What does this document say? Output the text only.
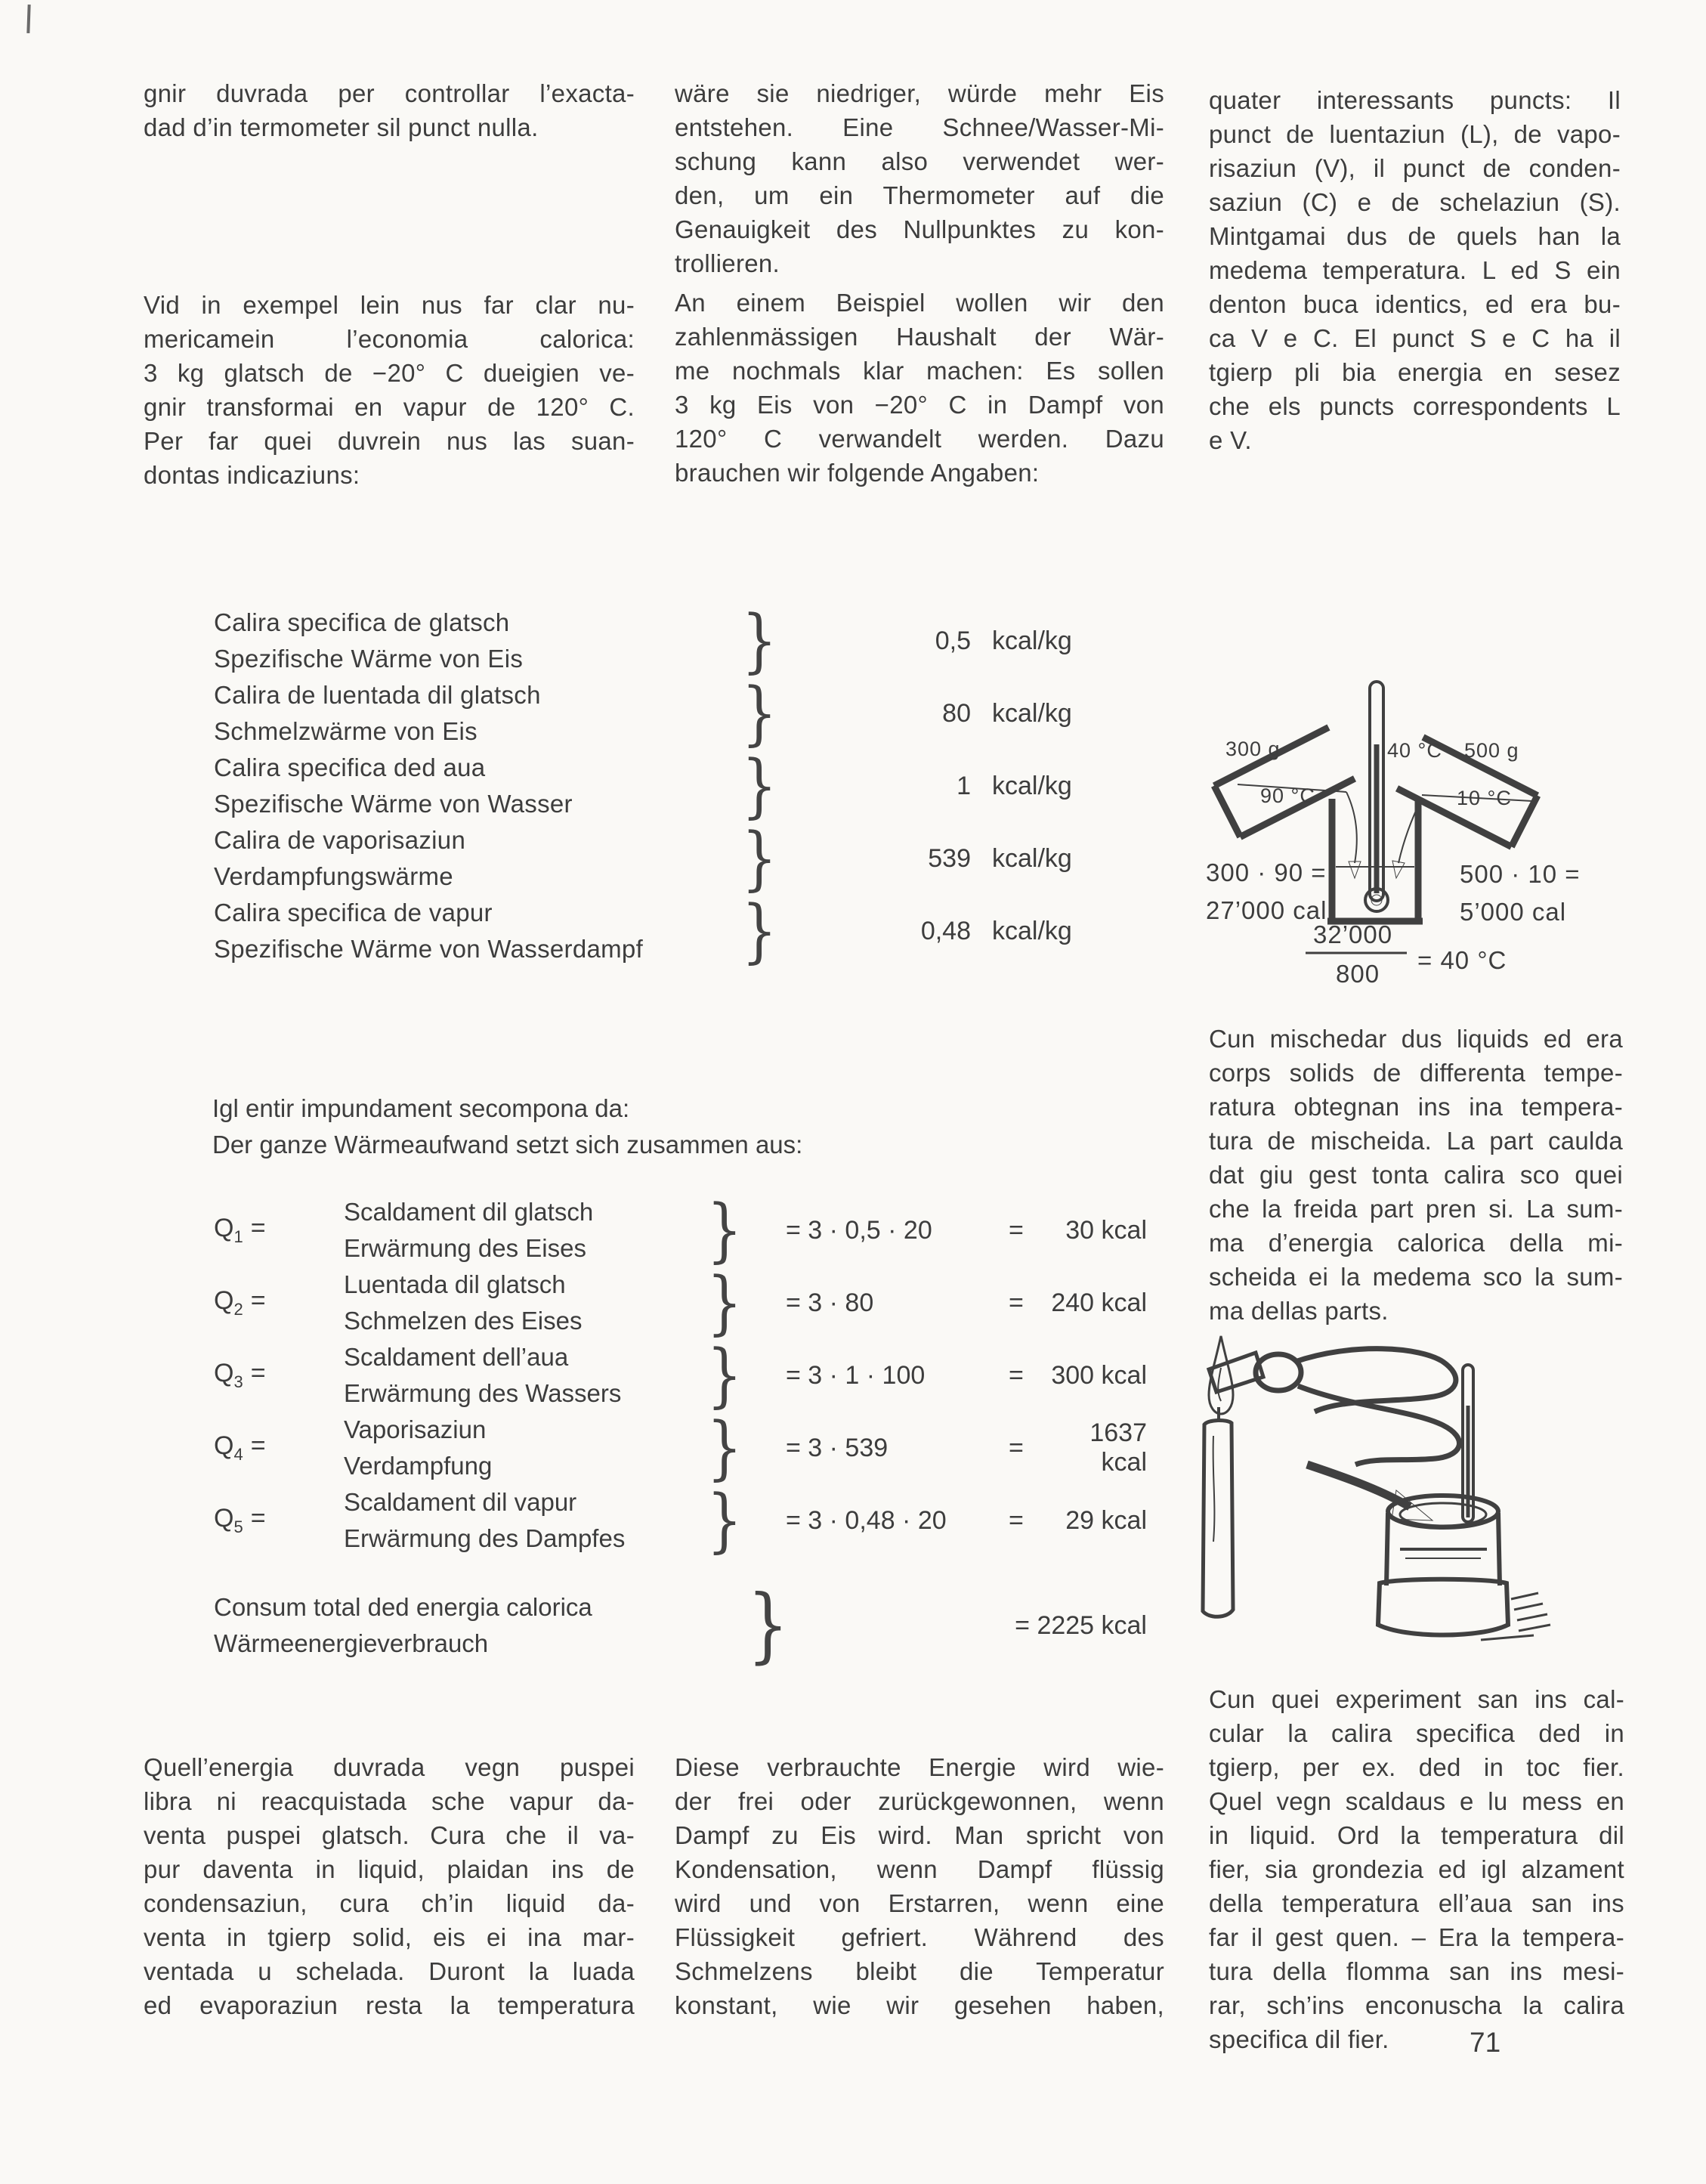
gnir duvrada per controllar l’exacta-
dad d’in termometer sil punct nulla.
Vid in exempel lein nus far clar nu-
mericamein l’economia calorica:
3 kg glatsch de −20° C dueigien ve-
gnir transformai en vapur de 120° C.
Per far quei duvrein nus las suan-
dontas indicaziuns:
wäre sie niedriger, würde mehr Eis
entstehen. Eine Schnee/Wasser-Mi-
schung kann also verwendet wer-
den, um ein Thermometer auf die
Genauigkeit des Nullpunktes zu kon-
trollieren.
An einem Beispiel wollen wir den
zahlenmässigen Haushalt der Wär-
me nochmals klar machen: Es sollen
3 kg Eis von −20° C in Dampf von
120° C verwandelt werden. Dazu
brauchen wir folgende Angaben:
quater interessants puncts: Il
punct de luentaziun (L), de vapo-
risaziun (V), il punct de conden-
saziun (C) e de schelaziun (S).
Mintgamai dus de quels han la
medema temperatura. L ed S ein
denton buca identics, ed era bu-
ca V e C. El punct S e C ha il
tgierp pli bia energia en sesez
che els puncts correspondents L
e V.
Calira specifica de glatsch
Spezifische Wärme von Eis	}	0,5 kcal/kg
Calira de luentada dil glatsch
Schmelzwärme von Eis	}	80 kcal/kg
Calira specifica ded aua
Spezifische Wärme von Wasser	}	1 kcal/kg
Calira de vaporisaziun
Verdampfungswärme	}	539 kcal/kg
Calira specifica de vapur
Spezifische Wärme von Wasserdampf	}	0,48 kcal/kg
300 g
90 °C
40 °C 500 g
10 °C
300 · 90 =
27’000 cal
500 · 10 =
5’000 cal
32’000
800 = 40 °C
Cun mischedar dus liquids ed era
corps solids de differenta tempe-
ratura obtegnan ins ina tempera-
tura de mischeida. La part caulda
dat giu gest tonta calira sco quei
che la freida part pren si. La sum-
ma d’energia calorica della mi-
scheida ei la medema sco la sum-
ma dellas parts.
Igl entir impundament secompona da:
Der ganze Wärmeaufwand setzt sich zusammen aus:
$Q_1$ =
Scaldament dil glatsch
Erwärmung des Eises	}	= 3 · 0,5 · 20	=	30 kcal
$Q_2$ =
Luentada dil glatsch
Schmelzen des Eises	}	= 3 · 80	=	240 kcal
$Q_3$ =
Scaldament dell’aua
Erwärmung des Wassers	}	= 3 · 1 · 100	=	300 kcal
$Q_4$ =
Vaporisaziun
Verdampfung	}	= 3 · 539	=
1637 kcal
$Q_5$ =
Scaldament dil vapur
Erwärmung des Dampfes	}	= 3 · 0,48 · 20	=	29 kcal
Consum total ded energia calorica
Wärmeenergieverbrauch	}	= 2225 kcal
Quell’energia duvrada vegn puspei
libra ni reacquistada sche vapur da-
venta puspei glatsch. Cura che il va-
pur daventa in liquid, plaidan ins de
condensaziun, cura ch’in liquid da-
venta in tgierp solid, eis ei ina mar-
ventada u schelada. Duront la luada
ed evaporaziun resta la temperatura
Diese verbrauchte Energie wird wie-
der frei oder zurückgewonnen, wenn
Dampf zu Eis wird. Man spricht von
Kondensation, wenn Dampf flüssig
wird und von Erstarren, wenn eine
Flüssigkeit gefriert. Während des
Schmelzens bleibt die Temperatur
konstant, wie wir gesehen haben,
Cun quei experiment san ins cal-
cular la calira specifica ded in
tgierp, per ex. ded in toc fier.
Quel vegn scaldaus e lu mess en
in liquid. Ord la temperatura dil
fier, sia grondezia ed igl alzament
della temperatura ell’aua san ins
far il gest quen. – Era la tempera-
tura della flomma san ins mesi-
rar, sch’ins enconuscha la calira
specifica dil fier.	71
